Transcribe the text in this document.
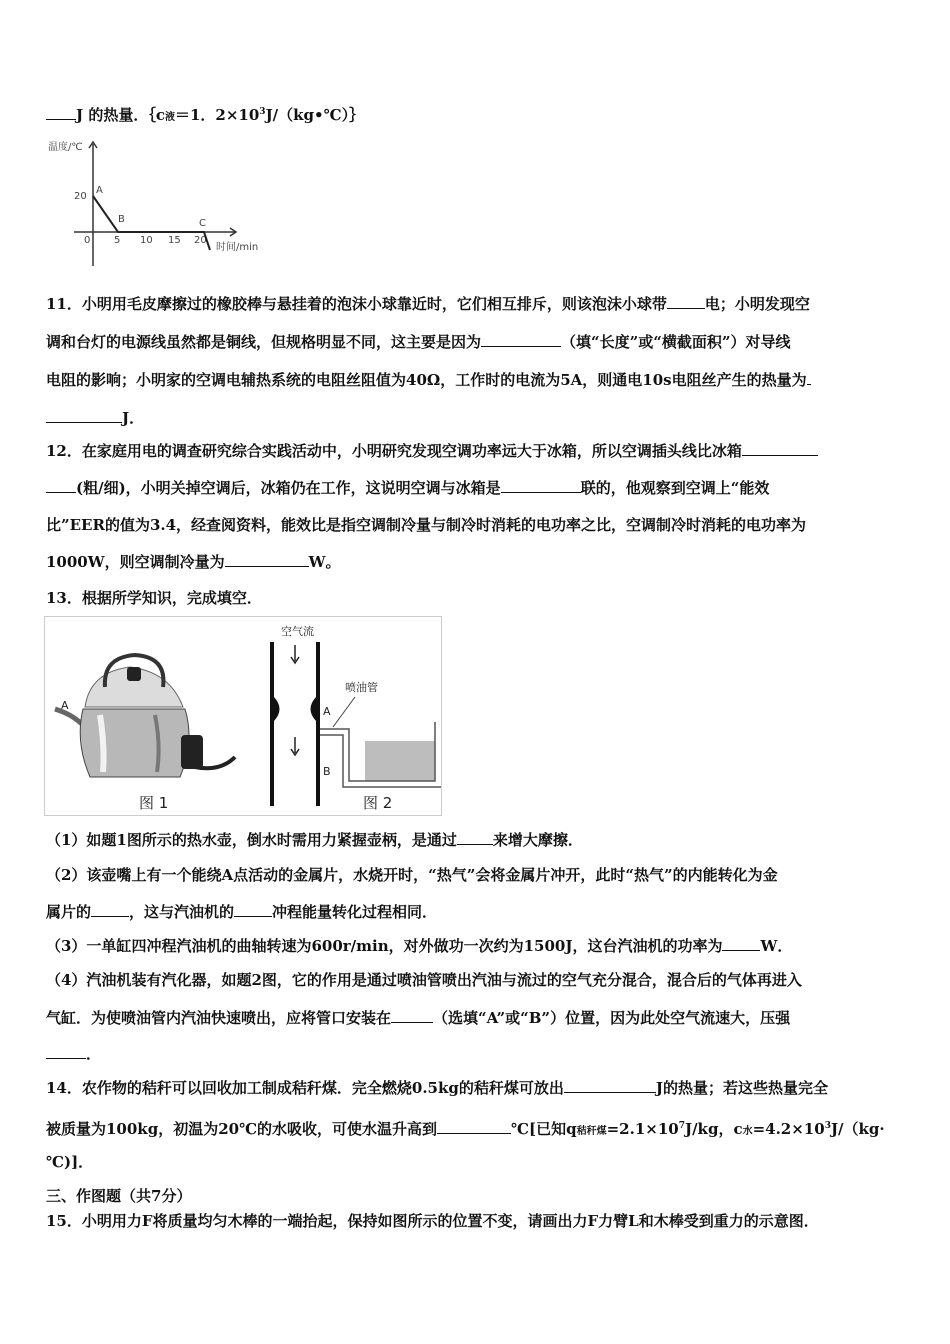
J 的热量．｛c液＝1．$2\times 10^3J/(kg•℃)\}$
温度/℃
时间/min
20
0 5 10 15 20
A
B	C
11．小明用毛皮摩擦过的橡胶棒与悬挂着的泡沫小球靠近时，它们相互排斥，则该泡沫小球带	电；小明发现空
调和台灯的电源线虽然都是铜线，但规格明显不同，这主要是因为	（填“长度”或“横截面积”）对导线
电阻的影响；小明家的空调电辅热系统的电阻丝阻值为40Ω，工作时的电流为5A，则通电10s电阻丝产生的热量为
J．
12．在家庭用电的调查研究综合实践活动中，小明研究发现空调功率远大于冰箱，所以空调插头线比冰箱
(粗/细)，小明关掉空调后，冰箱仍在工作，这说明空调与冰箱是	联的，他观察到空调上“能效
比”EER的值为3.4，经查阅资料，能效比是指空调制冷量与制冷时消耗的电功率之比，空调制冷时消耗的电功率为
1000W，则空调制冷量为	W。
13．根据所学知识，完成填空．
A
图 1
空气流
A
B
喷油管
图 2
（1）如题1图所示的热水壶，倒水时需用力紧握壶柄，是通过 来增大摩擦．
（2）该壶嘴上有一个能绕A点活动的金属片，水烧开时，“热气”会将金属片冲开，此时“热气”的内能转化为金
属片的	，这与汽油机的	冲程能量转化过程相同．
（3）一单缸四冲程汽油机的曲轴转速为600r/min，对外做功一次约为1500J，这台汽油机的功率为	W．
（4）汽油机装有汽化器，如题2图，它的作用是通过喷油管喷出汽油与流过的空气充分混合，混合后的气体再进入
气缸．为使喷油管内汽油快速喷出，应将管口安装在	（选填“A”或“B”）位置，因为此处空气流速大，压强
．
14．农作物的秸秆可以回收加工制成秸秆煤．完全燃烧0.5kg的秸秆煤可放出	J的热量；若这些热量完全
被质量为100kg，初温为20℃的水吸收，可使水温升高到	℃[已知q秸秆煤$=2.1\times 10^7J/kg$，c水$=4.2\times 10^3J/(kg\cdot$
℃)]．
三、作图题（共7分）
15．小明用力F将质量均匀木棒的一端抬起，保持如图所示的位置不变，请画出力F力臂L和木棒受到重力的示意图．
